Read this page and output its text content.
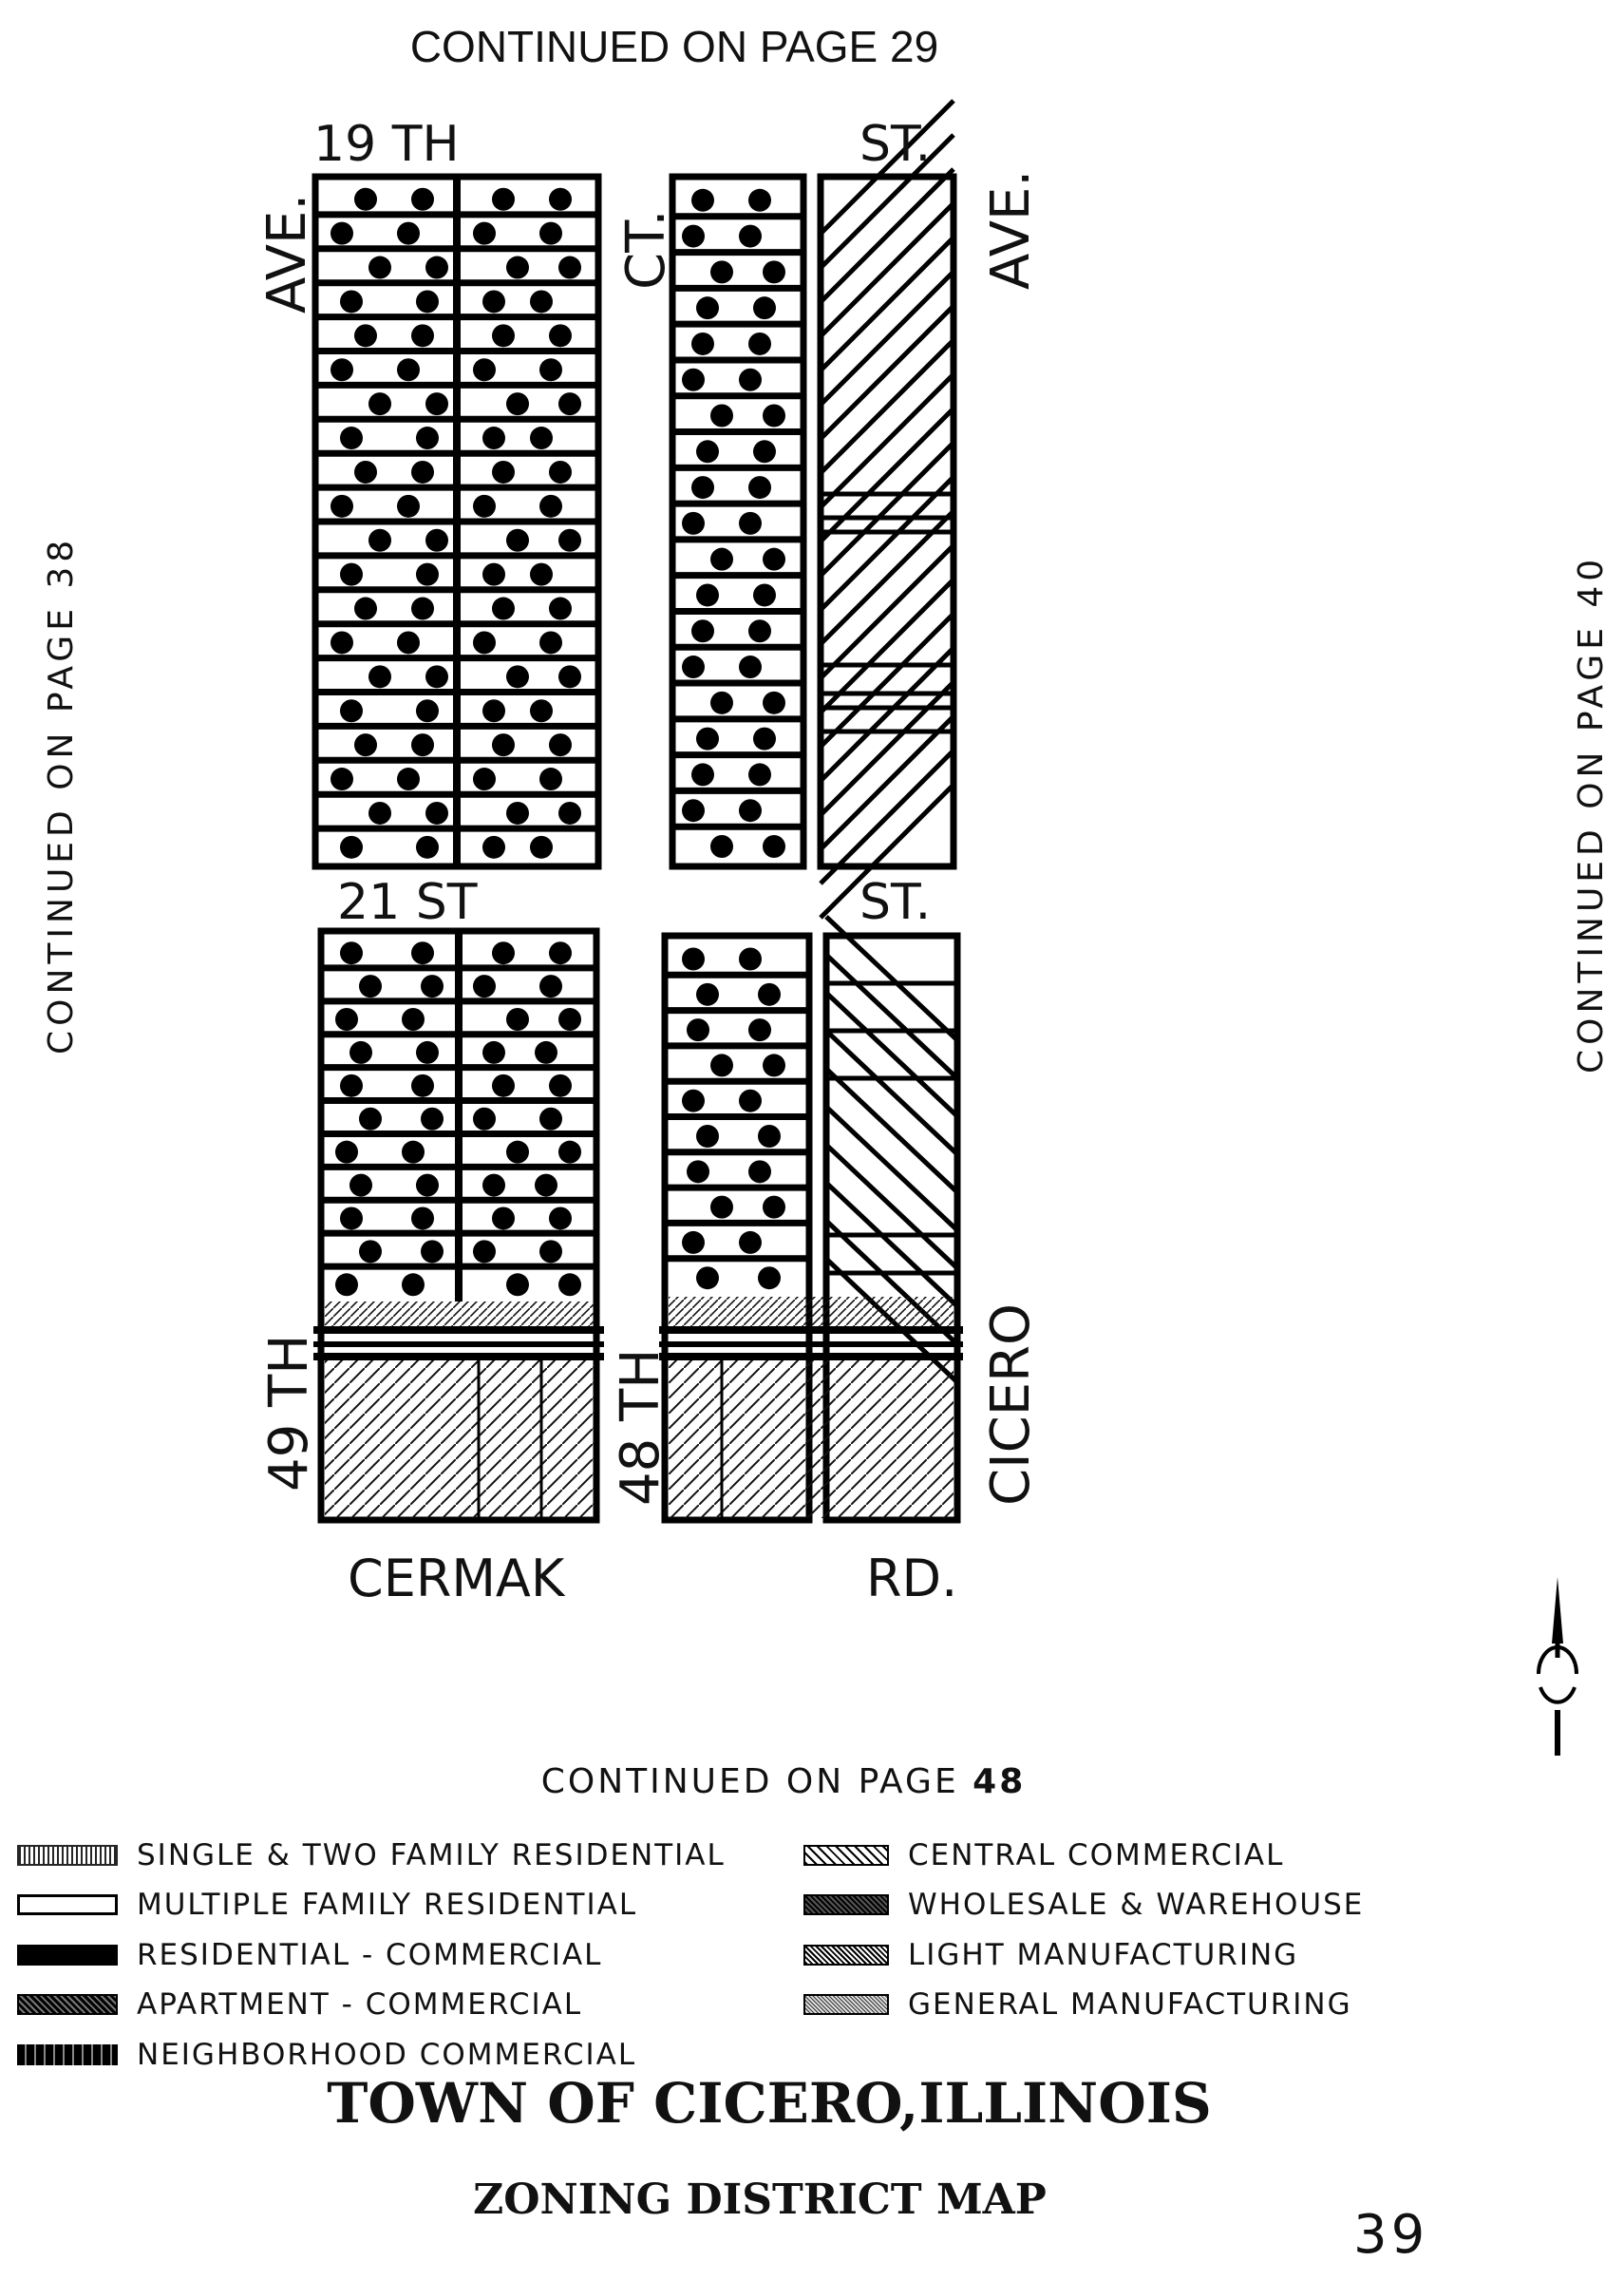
CONTINUED ON PAGE 29
CONTINUED ON PAGE 38	CONTINUED ON PAGE 40
CONTINUED ON PAGE 48
19 TH	ST.
21 ST	ST.
CERMAK	RD.
AVE.	CT.	AVE.
49 TH	48 TH	CICERO
SINGLE & TWO FAMILY RESIDENTIAL
MULTIPLE FAMILY RESIDENTIAL
RESIDENTIAL - COMMERCIAL
APARTMENT - COMMERCIAL
NEIGHBORHOOD COMMERCIAL
CENTRAL COMMERCIAL
WHOLESALE & WAREHOUSE
LIGHT MANUFACTURING
GENERAL MANUFACTURING
TOWN OF CICERO,ILLINOIS
ZONING DISTRICT MAP
39
